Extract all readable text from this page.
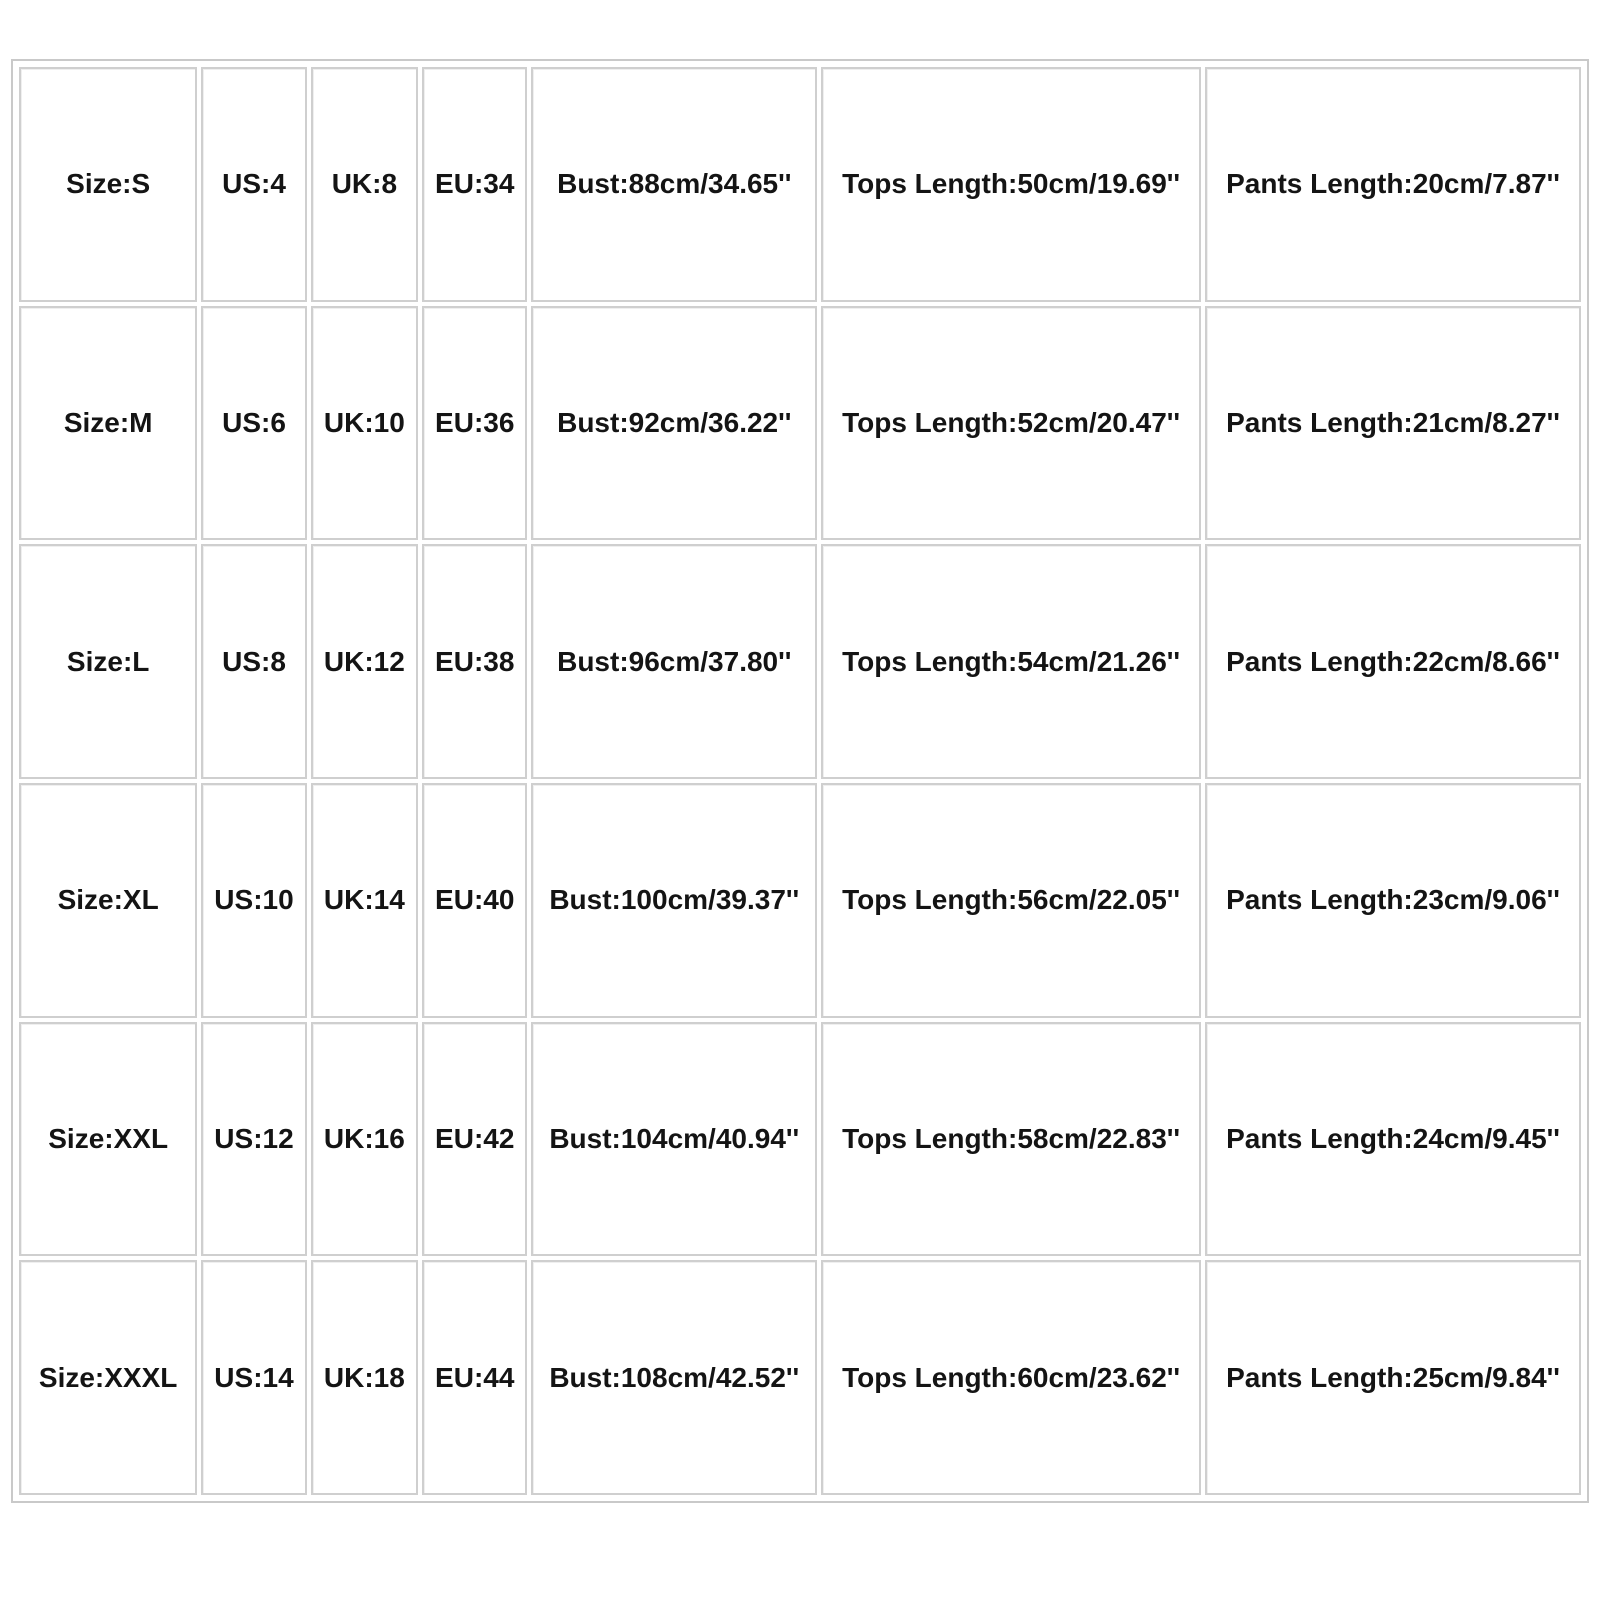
Size:S	US:4	UK:8	EU:34	Bust:88cm/34.65''	Tops Length:50cm/19.69''	Pants Length:20cm/7.87''
Size:M	US:6	UK:10	EU:36	Bust:92cm/36.22''	Tops Length:52cm/20.47''	Pants Length:21cm/8.27''
Size:L	US:8	UK:12	EU:38	Bust:96cm/37.80''	Tops Length:54cm/21.26''	Pants Length:22cm/8.66''
Size:XL	US:10	UK:14	EU:40	Bust:100cm/39.37''	Tops Length:56cm/22.05''	Pants Length:23cm/9.06''
Size:XXL	US:12	UK:16	EU:42	Bust:104cm/40.94''	Tops Length:58cm/22.83''	Pants Length:24cm/9.45''
Size:XXXL	US:14	UK:18	EU:44	Bust:108cm/42.52''	Tops Length:60cm/23.62''	Pants Length:25cm/9.84''
